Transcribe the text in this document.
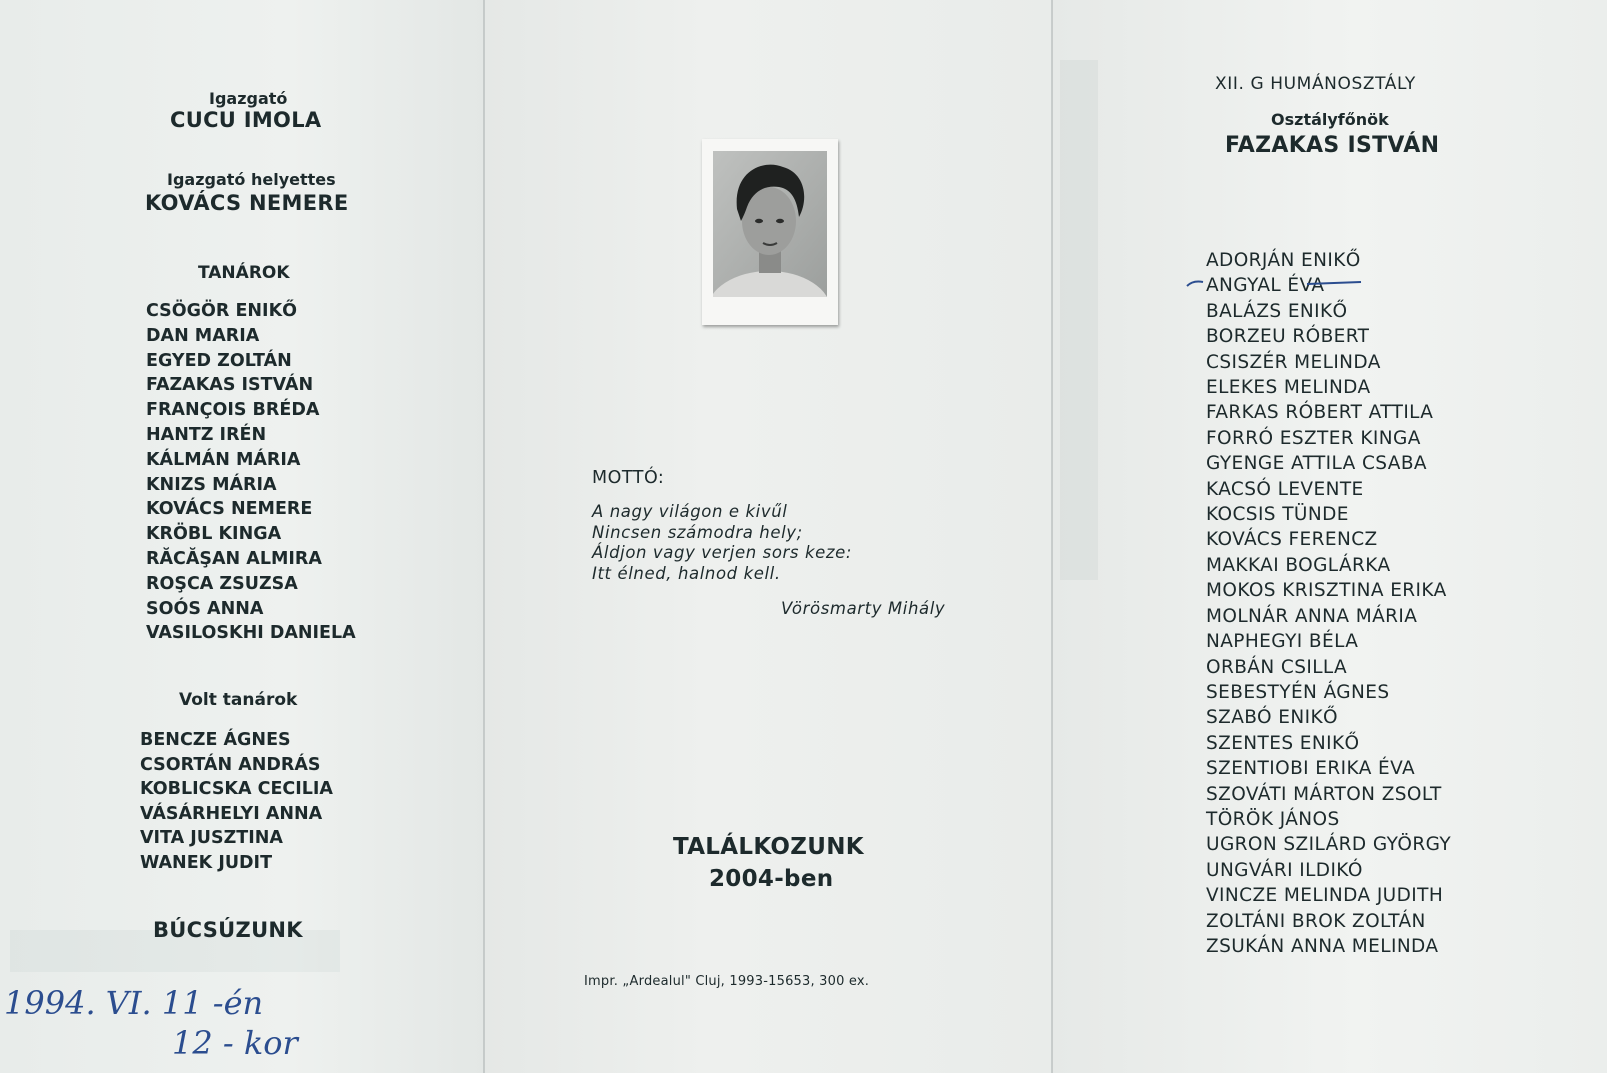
Igazgató
CUCU IMOLA
Igazgató helyettes
KOVÁCS NEMERE
TANÁROK
CSÖGÖR ENIKŐ
DAN MARIA
EGYED ZOLTÁN
FAZAKAS ISTVÁN
FRANÇOIS BRÉDA
HANTZ IRÉN
KÁLMÁN MÁRIA
KNIZS MÁRIA
KOVÁCS NEMERE
KRÖBL KINGA
RĂCĂŞAN ALMIRA
ROŞCA ZSUZSA
SOÓS ANNA
VASILOSKHI DANIELA
Volt tanárok
BENCZE ÁGNES
CSORTÁN ANDRÁS
KOBLICSKA CECILIA
VÁSÁRHELYI ANNA
VITA JUSZTINA
WANEK JUDIT
BÚCSÚZUNK
1994. VI. 11 -én
12 - kor
MOTTÓ:
A nagy világon e kivűl
Nincsen számodra hely;
Áldjon vagy verjen sors keze:
Itt élned, halnod kell.
Vörösmarty Mihály
TALÁLKOZUNK
2004-ben
Impr. „Ardealul" Cluj, 1993-15653, 300 ex.
XII. G HUMÁNOSZTÁLY
Osztályfőnök
FAZAKAS ISTVÁN
ADORJÁN ENIKŐ
ANGYAL ÉVA
BALÁZS ENIKŐ
BORZEU RÓBERT
CSISZÉR MELINDA
ELEKES MELINDA
FARKAS RÓBERT ATTILA
FORRÓ ESZTER KINGA
GYENGE ATTILA CSABA
KACSÓ LEVENTE
KOCSIS TÜNDE
KOVÁCS FERENCZ
MAKKAI BOGLÁRKA
MOKOS KRISZTINA ERIKA
MOLNÁR ANNA MÁRIA
NAPHEGYI BÉLA
ORBÁN CSILLA
SEBESTYÉN ÁGNES
SZABÓ ENIKŐ
SZENTES ENIKŐ
SZENTIOBI ERIKA ÉVA
SZOVÁTI MÁRTON ZSOLT
TÖRÖK JÁNOS
UGRON SZILÁRD GYÖRGY
UNGVÁRI ILDIKÓ
VINCZE MELINDA JUDITH
ZOLTÁNI BROK ZOLTÁN
ZSUKÁN ANNA MELINDA
